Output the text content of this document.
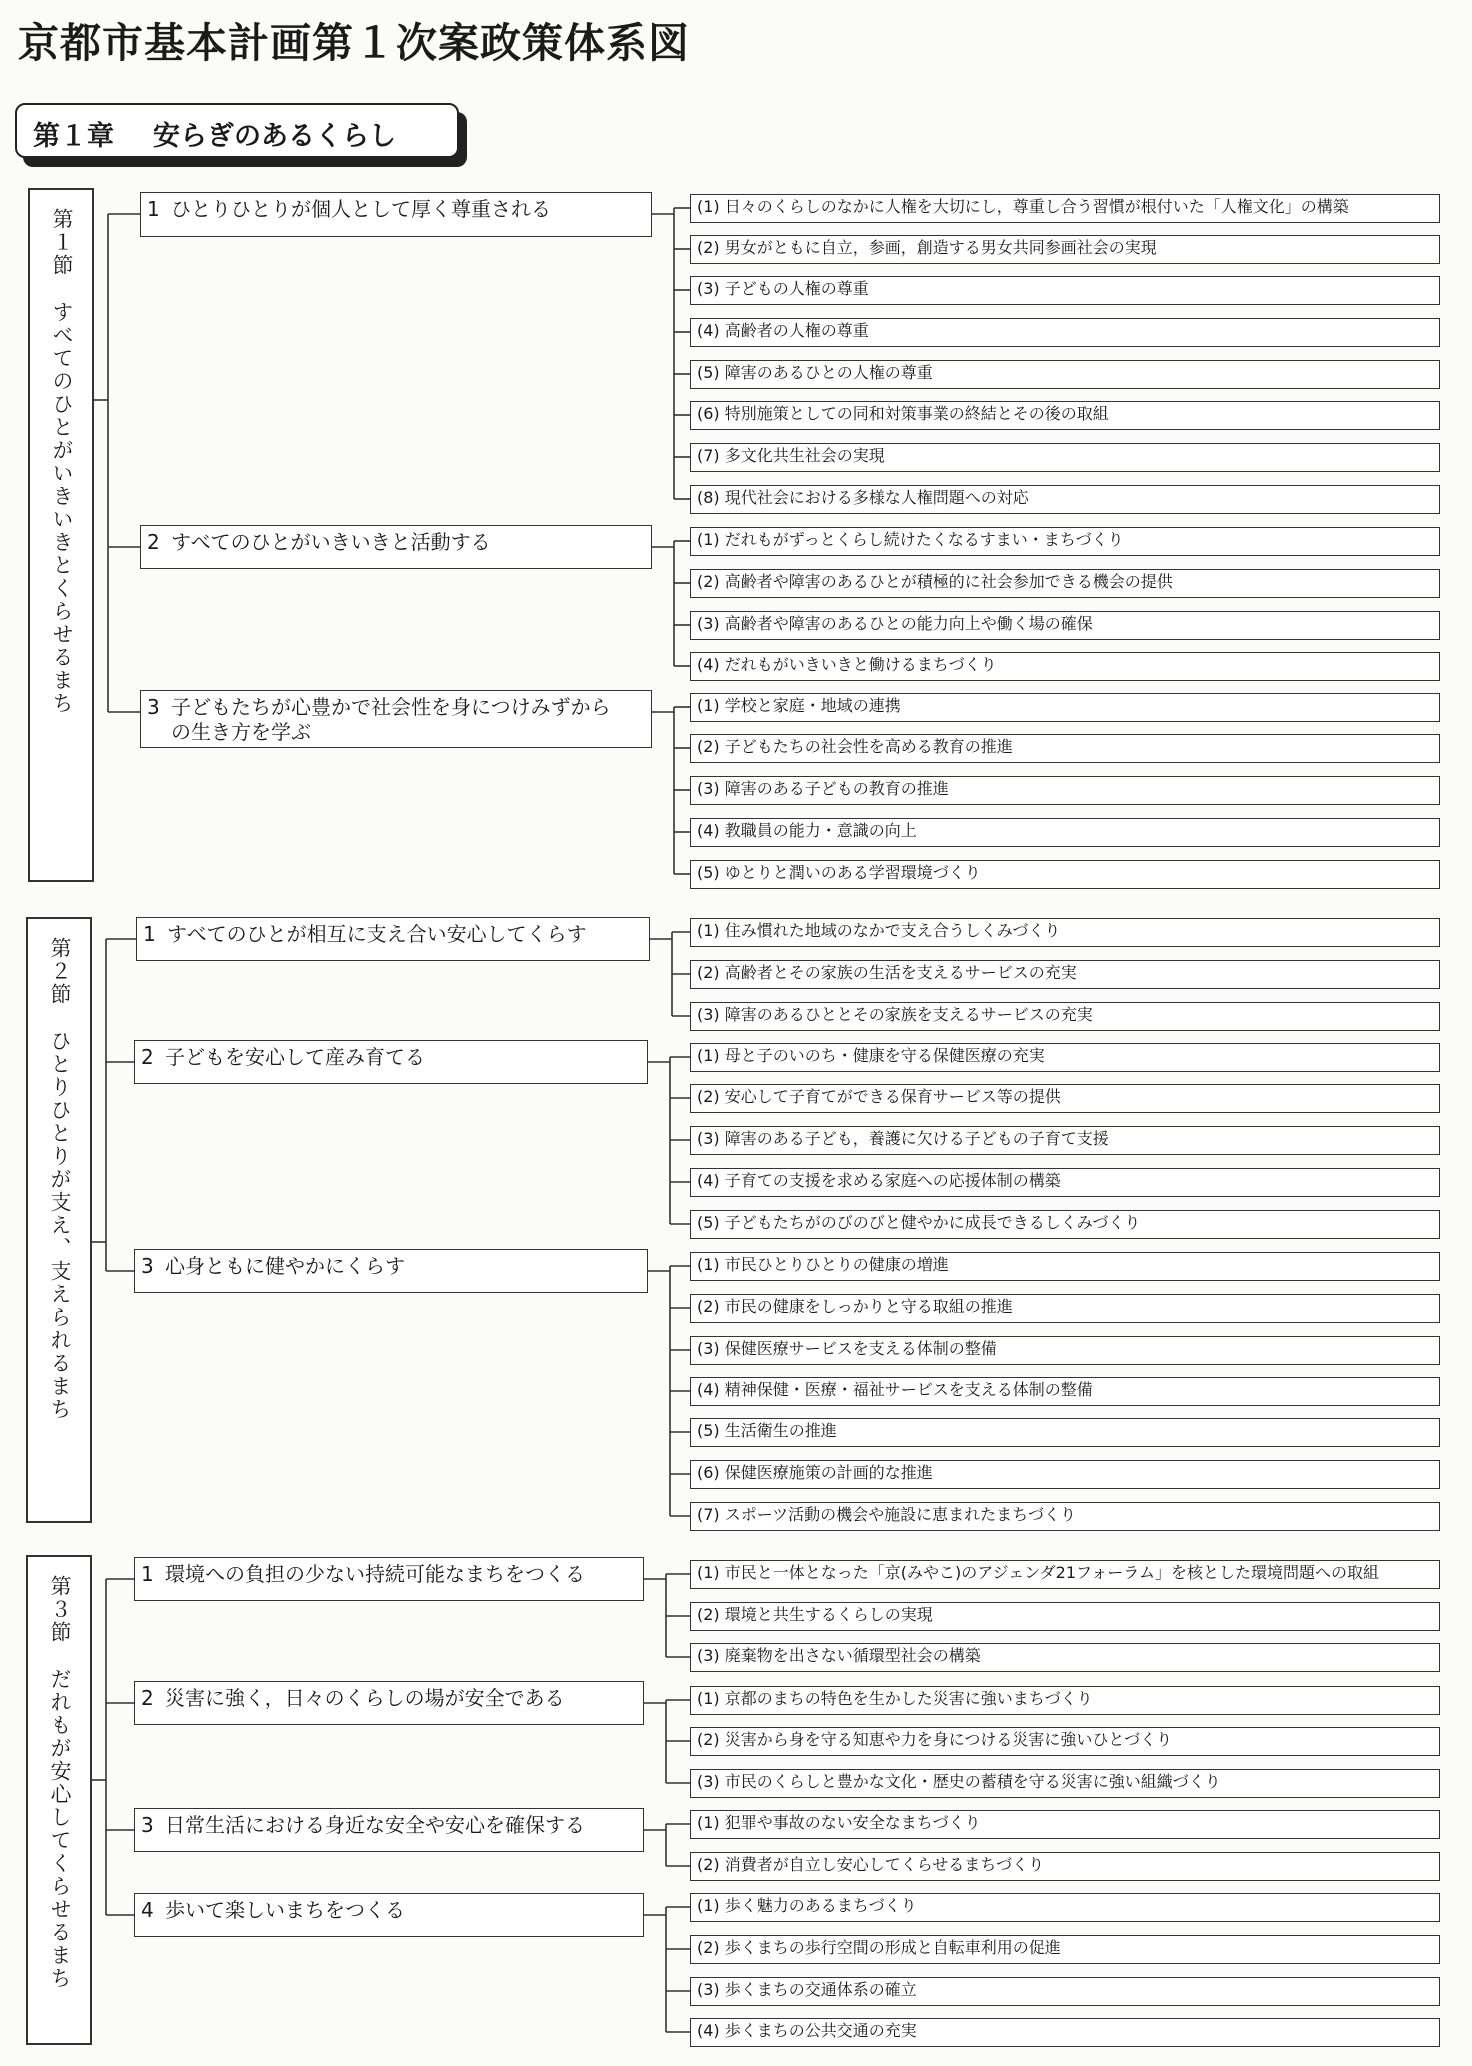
京都市基本計画第１次案政策体系図
第１章 安らぎのあるくらし
第１節すべてのひとがいきいきとくらせるまち
1 ひとりひとりが個人として厚く尊重される	(1) 日々のくらしのなかに人権を大切にし，尊重し合う習慣が根付いた「人権文化」の構築
(2) 男女がともに自立，参画，創造する男女共同参画社会の実現
(3) 子どもの人権の尊重
(4) 高齢者の人権の尊重
(5) 障害のあるひとの人権の尊重
(6) 特別施策としての同和対策事業の終結とその後の取組
(7) 多文化共生社会の実現
(8) 現代社会における多様な人権問題への対応
2 すべてのひとがいきいきと活動する	(1) だれもがずっとくらし続けたくなるすまい・まちづくり
(2) 高齢者や障害のあるひとが積極的に社会参加できる機会の提供
(3) 高齢者や障害のあるひとの能力向上や働く場の確保
(4) だれもがいきいきと働けるまちづくり
3 子どもたちが心豊かで社会性を身につけみずから
の生き方を学ぶ
(1) 学校と家庭・地域の連携
(2) 子どもたちの社会性を高める教育の推進
(3) 障害のある子どもの教育の推進
(4) 教職員の能力・意識の向上
(5) ゆとりと潤いのある学習環境づくり
第２節ひとりひとりが支え、支えられるまち
1 すべてのひとが相互に支え合い安心してくらす	(1) 住み慣れた地域のなかで支え合うしくみづくり
(2) 高齢者とその家族の生活を支えるサービスの充実
(3) 障害のあるひととその家族を支えるサービスの充実
2 子どもを安心して産み育てる	(1) 母と子のいのち・健康を守る保健医療の充実
(2) 安心して子育てができる保育サービス等の提供
(3) 障害のある子ども，養護に欠ける子どもの子育て支援
(4) 子育ての支援を求める家庭への応援体制の構築
(5) 子どもたちがのびのびと健やかに成長できるしくみづくり
3 心身ともに健やかにくらす	(1) 市民ひとりひとりの健康の増進
(2) 市民の健康をしっかりと守る取組の推進
(3) 保健医療サービスを支える体制の整備
(4) 精神保健・医療・福祉サービスを支える体制の整備
(5) 生活衛生の推進
(6) 保健医療施策の計画的な推進
(7) スポーツ活動の機会や施設に恵まれたまちづくり
第３節だれもが安心してくらせるまち
1 環境への負担の少ない持続可能なまちをつくる	(1) 市民と一体となった「京(みやこ)のアジェンダ21フォーラム」を核とした環境問題への取組
(2) 環境と共生するくらしの実現
(3) 廃棄物を出さない循環型社会の構築
2 災害に強く，日々のくらしの場が安全である	(1) 京都のまちの特色を生かした災害に強いまちづくり
(2) 災害から身を守る知恵や力を身につける災害に強いひとづくり
(3) 市民のくらしと豊かな文化・歴史の蓄積を守る災害に強い組織づくり
3 日常生活における身近な安全や安心を確保する	(1) 犯罪や事故のない安全なまちづくり
(2) 消費者が自立し安心してくらせるまちづくり
4 歩いて楽しいまちをつくる	(1) 歩く魅力のあるまちづくり
(2) 歩くまちの歩行空間の形成と自転車利用の促進
(3) 歩くまちの交通体系の確立
(4) 歩くまちの公共交通の充実
